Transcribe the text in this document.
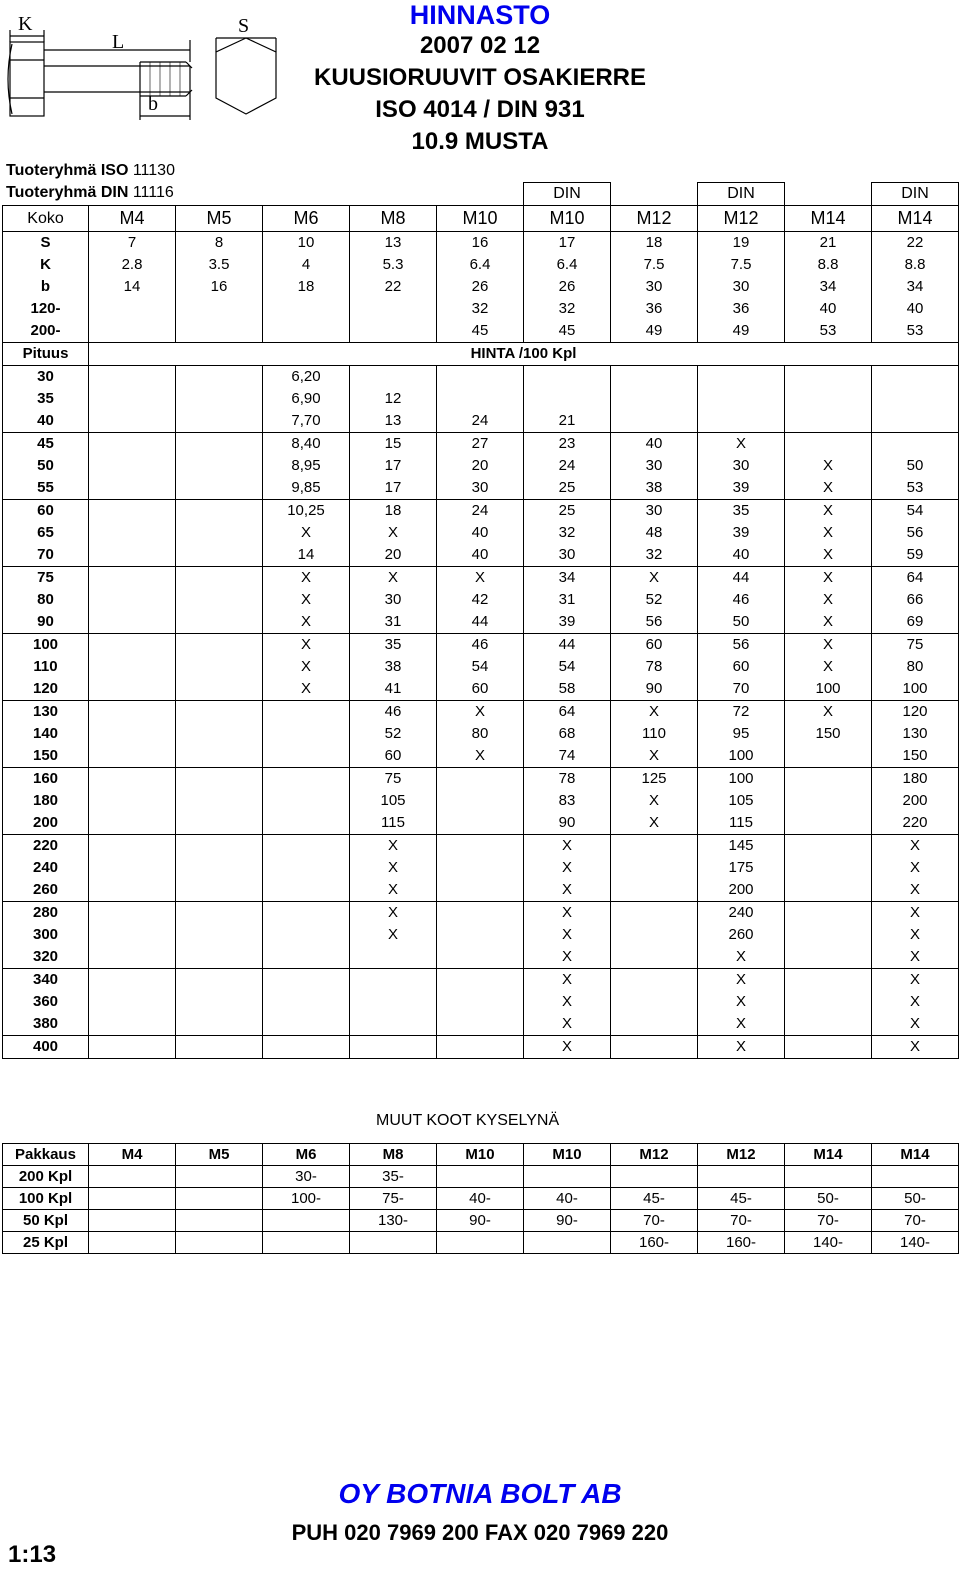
K
L
S
b
HINNASTO
2007 02 12
KUUSIORUUVIT OSAKIERRE
ISO 4014 / DIN 931
10.9 MUSTA
Tuoteryhmä ISO 11130
Tuoteryhmä DIN 11116
							DIN		DIN		DIN
Koko	M4	M5	M6	M8	M10	M10	M12	M12	M14	M14
S	7	8	10	13	16	17	18	19	21	22
K	2.8	3.5	4	5.3	6.4	6.4	7.5	7.5	8.8	8.8
b	14	16	18	22	26	26	30	30	34	34
120-					32	32	36	36	40	40
200-					45	45	49	49	53	53
Pituus	HINTA /100 Kpl									
30			6,20							
35			6,90	12						
40			7,70	13	24	21				
45			8,40	15	27	23	40	X		
50			8,95	17	20	24	30	30	X	50
55			9,85	17	30	25	38	39	X	53
60			10,25	18	24	25	30	35	X	54
65			X	X	40	32	48	39	X	56
70			14	20	40	30	32	40	X	59
75			X	X	X	34	X	44	X	64
80			X	30	42	31	52	46	X	66
90			X	31	44	39	56	50	X	69
100			X	35	46	44	60	56	X	75
110			X	38	54	54	78	60	X	80
120			X	41	60	58	90	70	100	100
130				46	X	64	X	72	X	120
140				52	80	68	110	95	150	130
150				60	X	74	X	100		150
160				75		78	125	100		180
180				105		83	X	105		200
200				115		90	X	115		220
220				X		X		145		X
240				X		X		175		X
260				X		X		200		X
280				X		X		240		X
300				X		X		260		X
320						X		X		X
340						X		X		X
360						X		X		X
380						X		X		X
400						X		X		X
MUUT KOOT KYSELYNÄ
Pakkaus	M4	M5	M6	M8	M10	M10	M12	M12	M14	M14
200 Kpl			30-	35-						
100 Kpl			100-	75-	40-	40-	45-	45-	50-	50-
50 Kpl				130-	90-	90-	70-	70-	70-	70-
25 Kpl							160-	160-	140-	140-
OY BOTNIA BOLT AB
PUH 020 7969 200 FAX 020 7969 220
1:13
